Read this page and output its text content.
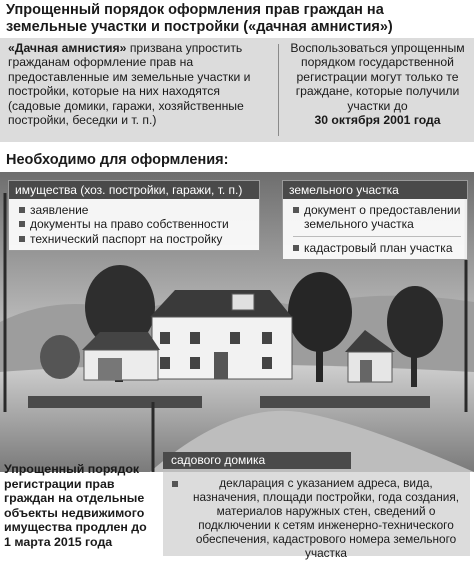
Упрощенный порядок оформления прав граждан на земельные участки и постройки («дачная амнистия»)
«Дачная амнистия» призвана упростить гражданам оформление прав на предоставленные им земельные участки и постройки, которые на них находятся (садовые домики, гаражи, хозяйственные постройки, беседки и т. п.)
Воспользоваться упрощенным порядком государственной регистрации могут только те граждане, которые получили участки до
30 октября 2001 года
Необходимо для оформления:
имущества (хоз. постройки, гаражи, т. п.)
заявление
документы на право собственности
технический паспорт на постройку
земельного участка
документ о предоставлении земельного участка
кадастровый план участка
Упрощенный порядок регистрации прав граждан на отдельные объекты недвижимого имущества продлен до 1 марта 2015 года
садового домика
декларация с указанием адреса, вида, назначения, площади постройки, года создания, материалов наружных стен, сведений о подключении к сетям инженерно-технического обеспечения, кадастрового номера земельного участка
